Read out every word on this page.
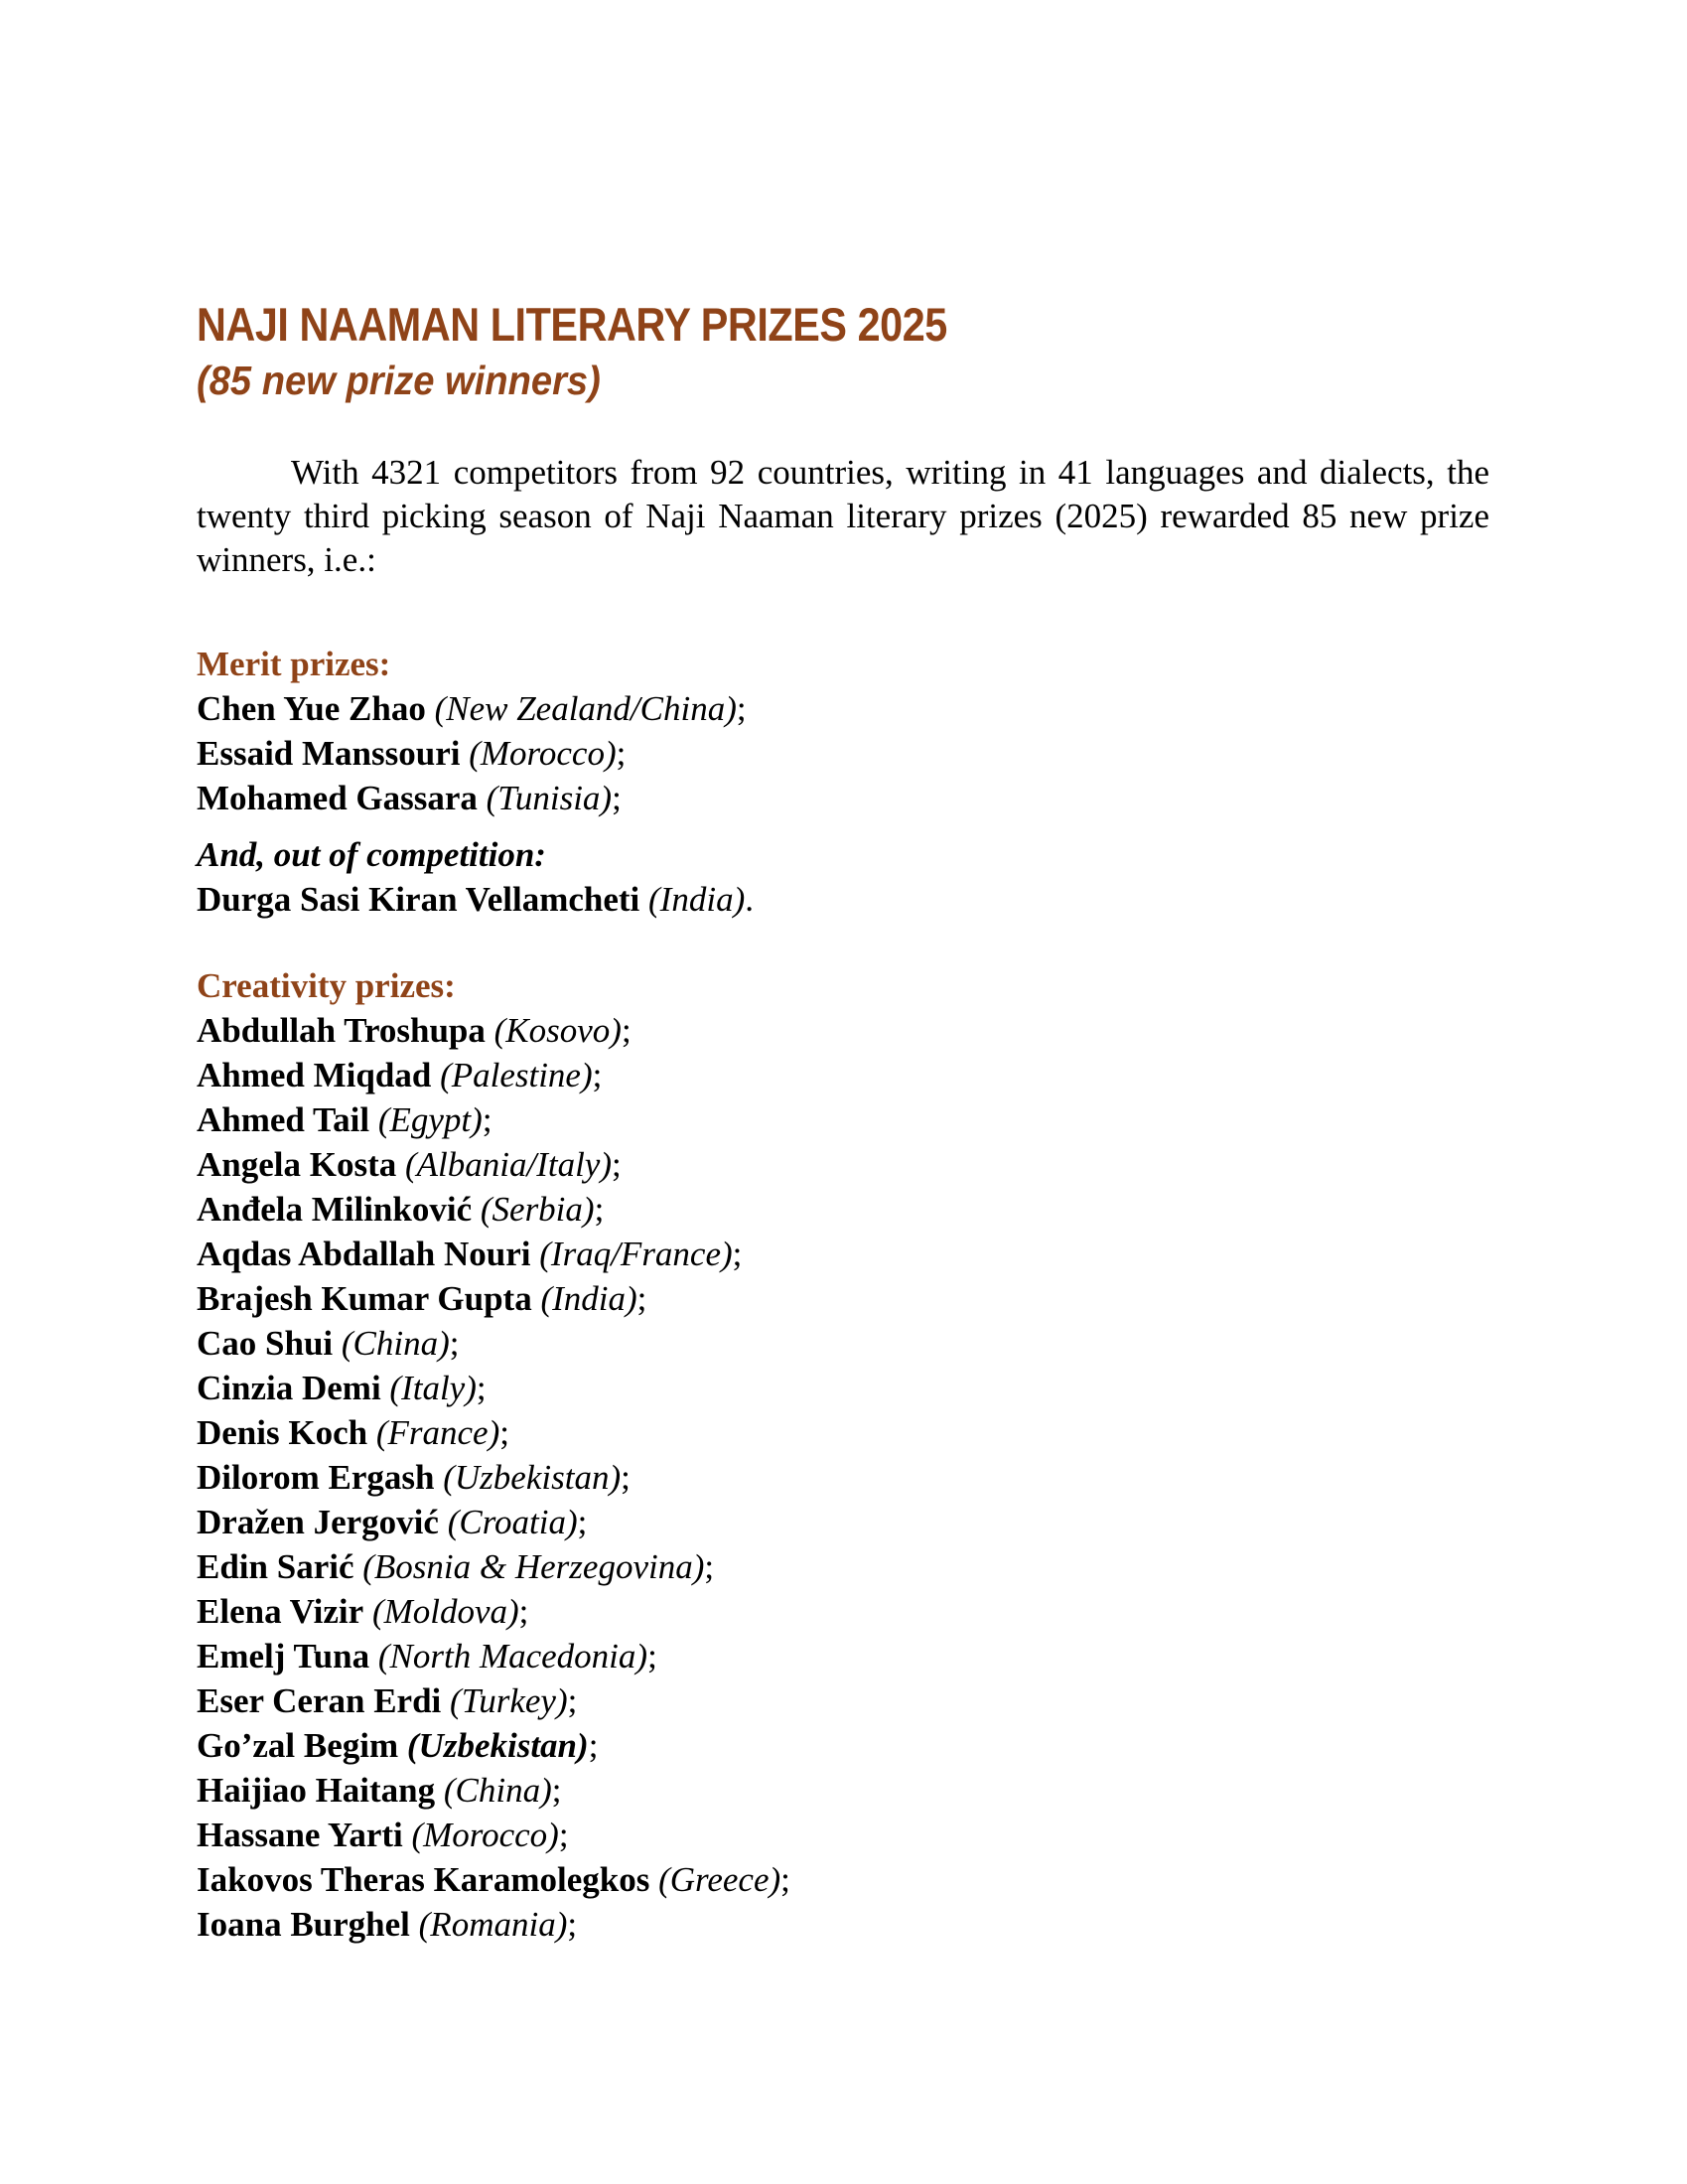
NAJI NAAMAN LITERARY PRIZES 2025
(85 new prize winners)

With 4321 competitors from 92 countries, writing in 41 languages and dialects, the twenty third picking season of Naji Naaman literary prizes (2025) rewarded 85 new prize winners, i.e.:

Merit prizes:
Chen Yue Zhao (New Zealand/China);
Essaid Manssouri (Morocco);
Mohamed Gassara (Tunisia);
And, out of competition:
Durga Sasi Kiran Vellamcheti (India).
Creativity prizes:
Abdullah Troshupa (Kosovo);
Ahmed Miqdad (Palestine);
Ahmed Tail (Egypt);
Angela Kosta (Albania/Italy);
Anđela Milinković (Serbia);
Aqdas Abdallah Nouri (Iraq/France);
Brajesh Kumar Gupta (India);
Cao Shui (China);
Cinzia Demi (Italy);
Denis Koch (France);
Dilorom Ergash (Uzbekistan);
Dražen Jergović (Croatia);
Edin Sarić (Bosnia & Herzegovina);
Elena Vizir (Moldova);
Emelj Tuna (North Macedonia);
Eser Ceran Erdi (Turkey);
Go’zal Begim (Uzbekistan);
Haijiao Haitang (China);
Hassane Yarti (Morocco);
Iakovos Theras Karamolegkos (Greece);
Ioana Burghel (Romania);
